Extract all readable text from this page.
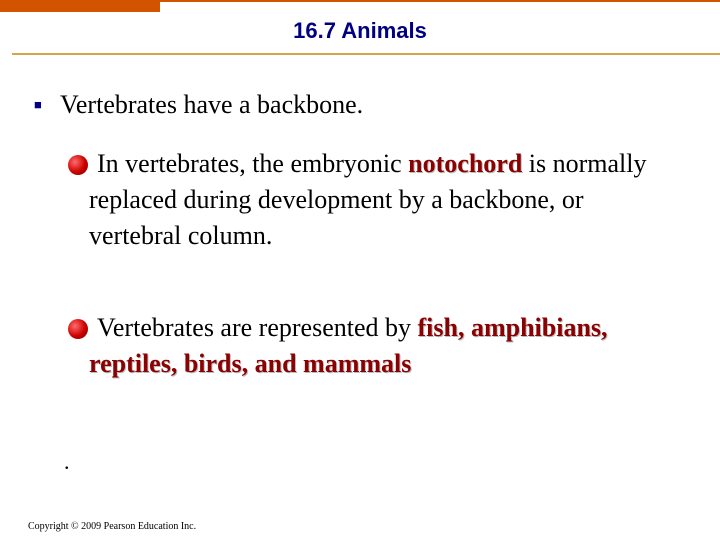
16.7 Animals
■ Vertebrates have a backbone.
In vertebrates, the embryonic notochord is normally replaced during development by a backbone, or vertebral column.
Vertebrates are represented by fish, amphibians, reptiles, birds, and mammals
.
Copyright © 2009 Pearson Education Inc.
